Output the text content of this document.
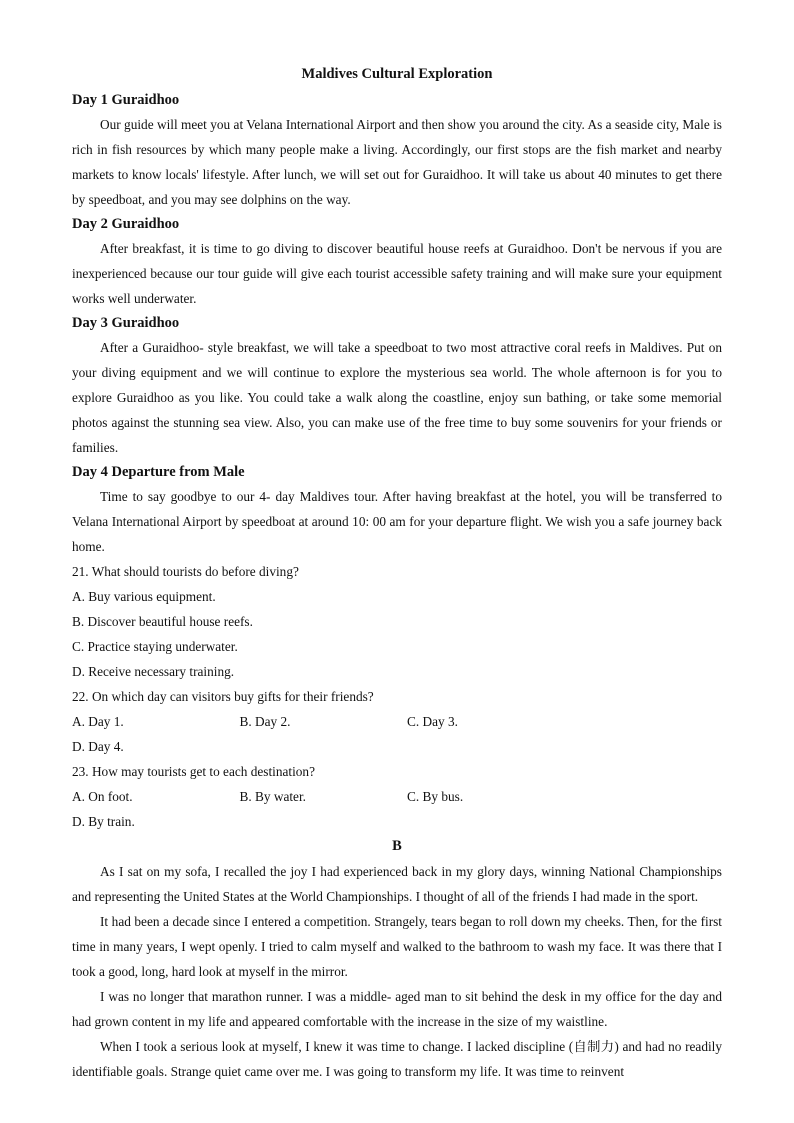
Maldives Cultural Exploration
Day 1 Guraidhoo
Our guide will meet you at Velana International Airport and then show you around the city. As a seaside city, Male is rich in fish resources by which many people make a living. Accordingly, our first stops are the fish market and nearby markets to know locals' lifestyle. After lunch, we will set out for Guraidhoo. It will take us about 40 minutes to get there by speedboat, and you may see dolphins on the way.
Day 2 Guraidhoo
After breakfast, it is time to go diving to discover beautiful house reefs at Guraidhoo. Don't be nervous if you are inexperienced because our tour guide will give each tourist accessible safety training and will make sure your equipment works well underwater.
Day 3 Guraidhoo
After a Guraidhoo- style breakfast, we will take a speedboat to two most attractive coral reefs in Maldives. Put on your diving equipment and we will continue to explore the mysterious sea world. The whole afternoon is for you to explore Guraidhoo as you like. You could take a walk along the coastline, enjoy sun bathing, or take some memorial photos against the stunning sea view. Also, you can make use of the free time to buy some souvenirs for your friends or families.
Day 4 Departure from Male
Time to say goodbye to our 4- day Maldives tour. After having breakfast at the hotel, you will be transferred to Velana International Airport by speedboat at around 10: 00 am for your departure flight. We wish you a safe journey back home.
21. What should tourists do before diving?
A. Buy various equipment.
B. Discover beautiful house reefs.
C. Practice staying underwater.
D. Receive necessary training.
22. On which day can visitors buy gifts for their friends?
A. Day 1.	B. Day 2.	C. Day 3.
D. Day 4.
23. How may tourists get to each destination?
A. On foot.	B. By water.	C. By bus.
D. By train.
B
As I sat on my sofa, I recalled the joy I had experienced back in my glory days, winning National Championships and representing the United States at the World Championships. I thought of all of the friends I had made in the sport.
It had been a decade since I entered a competition. Strangely, tears began to roll down my cheeks. Then, for the first time in many years, I wept openly. I tried to calm myself and walked to the bathroom to wash my face. It was there that I took a good, long, hard look at myself in the mirror.
I was no longer that marathon runner. I was a middle- aged man to sit behind the desk in my office for the day and had grown content in my life and appeared comfortable with the increase in the size of my waistline.
When I took a serious look at myself, I knew it was time to change. I lacked discipline (自制力) and had no readily identifiable goals. Strange quiet came over me. I was going to transform my life. It was time to reinvent
